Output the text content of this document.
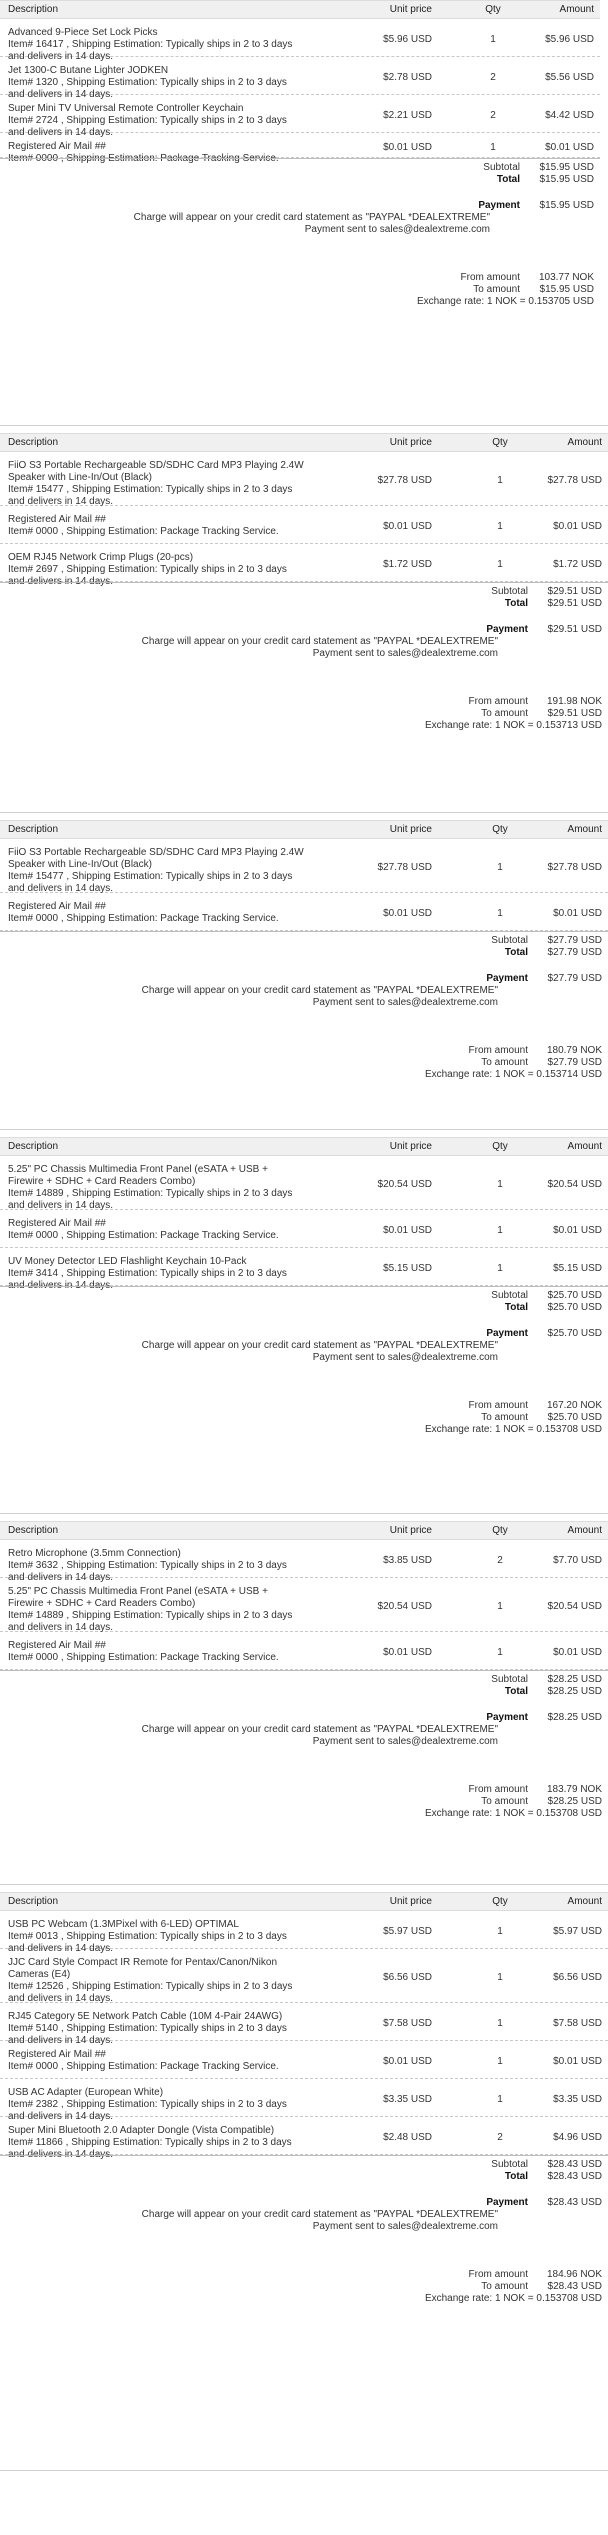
Description	Unit price	Qty	Amount
Advanced 9-Piece Set Lock Picks
Item# 16417 , Shipping Estimation: Typically ships in 2 to 3 days
and delivers in 14 days.
$5.96 USD	1	$5.96 USD
Jet 1300-C Butane Lighter JODKEN
Item# 1320 , Shipping Estimation: Typically ships in 2 to 3 days
and delivers in 14 days.
$2.78 USD	2	$5.56 USD
Super Mini TV Universal Remote Controller Keychain
Item# 2724 , Shipping Estimation: Typically ships in 2 to 3 days
and delivers in 14 days.
$2.21 USD	2	$4.42 USD
Registered Air Mail ##
Item# 0000 , Shipping Estimation: Package Tracking Service.
$0.01 USD	1	$0.01 USD
Subtotal $15.95 USD
Total $15.95 USD
Payment $15.95 USD
Charge will appear on your credit card statement as "PAYPAL *DEALEXTREME"
Payment sent to sales@dealextreme.com
From amount 103.77 NOK
To amount $15.95 USD
Exchange rate: 1 NOK = 0.153705 USD
Description	Unit price	Qty	Amount
FiiO S3 Portable Rechargeable SD/SDHC Card MP3 Playing 2.4W
Speaker with Line-In/Out (Black)
Item# 15477 , Shipping Estimation: Typically ships in 2 to 3 days
and delivers in 14 days.
$27.78 USD	1	$27.78 USD
Registered Air Mail ##
Item# 0000 , Shipping Estimation: Package Tracking Service.	$0.01 USD	1	$0.01 USD
OEM RJ45 Network Crimp Plugs (20-pcs)
Item# 2697 , Shipping Estimation: Typically ships in 2 to 3 days
and delivers in 14 days.
$1.72 USD	1	$1.72 USD
Subtotal $29.51 USD
Total $29.51 USD
Payment $29.51 USD
Charge will appear on your credit card statement as "PAYPAL *DEALEXTREME"
Payment sent to sales@dealextreme.com
From amount 191.98 NOK
To amount $29.51 USD
Exchange rate: 1 NOK = 0.153713 USD
Description	Unit price	Qty	Amount
FiiO S3 Portable Rechargeable SD/SDHC Card MP3 Playing 2.4W
Speaker with Line-In/Out (Black)
Item# 15477 , Shipping Estimation: Typically ships in 2 to 3 days
and delivers in 14 days.
$27.78 USD	1	$27.78 USD
Registered Air Mail ##
Item# 0000 , Shipping Estimation: Package Tracking Service.	$0.01 USD	1	$0.01 USD
Subtotal $27.79 USD
Total $27.79 USD
Payment $27.79 USD
Charge will appear on your credit card statement as "PAYPAL *DEALEXTREME"
Payment sent to sales@dealextreme.com
From amount 180.79 NOK
To amount $27.79 USD
Exchange rate: 1 NOK = 0.153714 USD
Description	Unit price	Qty	Amount
5.25" PC Chassis Multimedia Front Panel (eSATA + USB +
Firewire + SDHC + Card Readers Combo)
Item# 14889 , Shipping Estimation: Typically ships in 2 to 3 days
and delivers in 14 days.
$20.54 USD	1	$20.54 USD
Registered Air Mail ##
Item# 0000 , Shipping Estimation: Package Tracking Service.	$0.01 USD	1	$0.01 USD
UV Money Detector LED Flashlight Keychain 10-Pack
Item# 3414 , Shipping Estimation: Typically ships in 2 to 3 days
and delivers in 14 days.
$5.15 USD	1	$5.15 USD
Subtotal $25.70 USD
Total $25.70 USD
Payment $25.70 USD
Charge will appear on your credit card statement as "PAYPAL *DEALEXTREME"
Payment sent to sales@dealextreme.com
From amount 167.20 NOK
To amount $25.70 USD
Exchange rate: 1 NOK = 0.153708 USD
Description	Unit price	Qty	Amount
Retro Microphone (3.5mm Connection)
Item# 3632 , Shipping Estimation: Typically ships in 2 to 3 days
and delivers in 14 days.
$3.85 USD	2	$7.70 USD
5.25" PC Chassis Multimedia Front Panel (eSATA + USB +
Firewire + SDHC + Card Readers Combo)
Item# 14889 , Shipping Estimation: Typically ships in 2 to 3 days
and delivers in 14 days.
$20.54 USD	1	$20.54 USD
Registered Air Mail ##
Item# 0000 , Shipping Estimation: Package Tracking Service.	$0.01 USD	1	$0.01 USD
Subtotal $28.25 USD
Total $28.25 USD
Payment $28.25 USD
Charge will appear on your credit card statement as "PAYPAL *DEALEXTREME"
Payment sent to sales@dealextreme.com
From amount 183.79 NOK
To amount $28.25 USD
Exchange rate: 1 NOK = 0.153708 USD
Description	Unit price	Qty	Amount
USB PC Webcam (1.3MPixel with 6-LED) OPTIMAL
Item# 0013 , Shipping Estimation: Typically ships in 2 to 3 days
and delivers in 14 days.
$5.97 USD	1	$5.97 USD
JJC Card Style Compact IR Remote for Pentax/Canon/Nikon
Cameras (E4)
Item# 12526 , Shipping Estimation: Typically ships in 2 to 3 days
and delivers in 14 days.
$6.56 USD	1	$6.56 USD
RJ45 Category 5E Network Patch Cable (10M 4-Pair 24AWG)
Item# 5140 , Shipping Estimation: Typically ships in 2 to 3 days
and delivers in 14 days.
$7.58 USD	1	$7.58 USD
Registered Air Mail ##
Item# 0000 , Shipping Estimation: Package Tracking Service.	$0.01 USD	1	$0.01 USD
USB AC Adapter (European White)
Item# 2382 , Shipping Estimation: Typically ships in 2 to 3 days
and delivers in 14 days.
$3.35 USD	1	$3.35 USD
Super Mini Bluetooth 2.0 Adapter Dongle (Vista Compatible)
Item# 11866 , Shipping Estimation: Typically ships in 2 to 3 days
and delivers in 14 days.
$2.48 USD	2	$4.96 USD
Subtotal $28.43 USD
Total $28.43 USD
Payment $28.43 USD
Charge will appear on your credit card statement as "PAYPAL *DEALEXTREME"
Payment sent to sales@dealextreme.com
From amount 184.96 NOK
To amount $28.43 USD
Exchange rate: 1 NOK = 0.153708 USD
